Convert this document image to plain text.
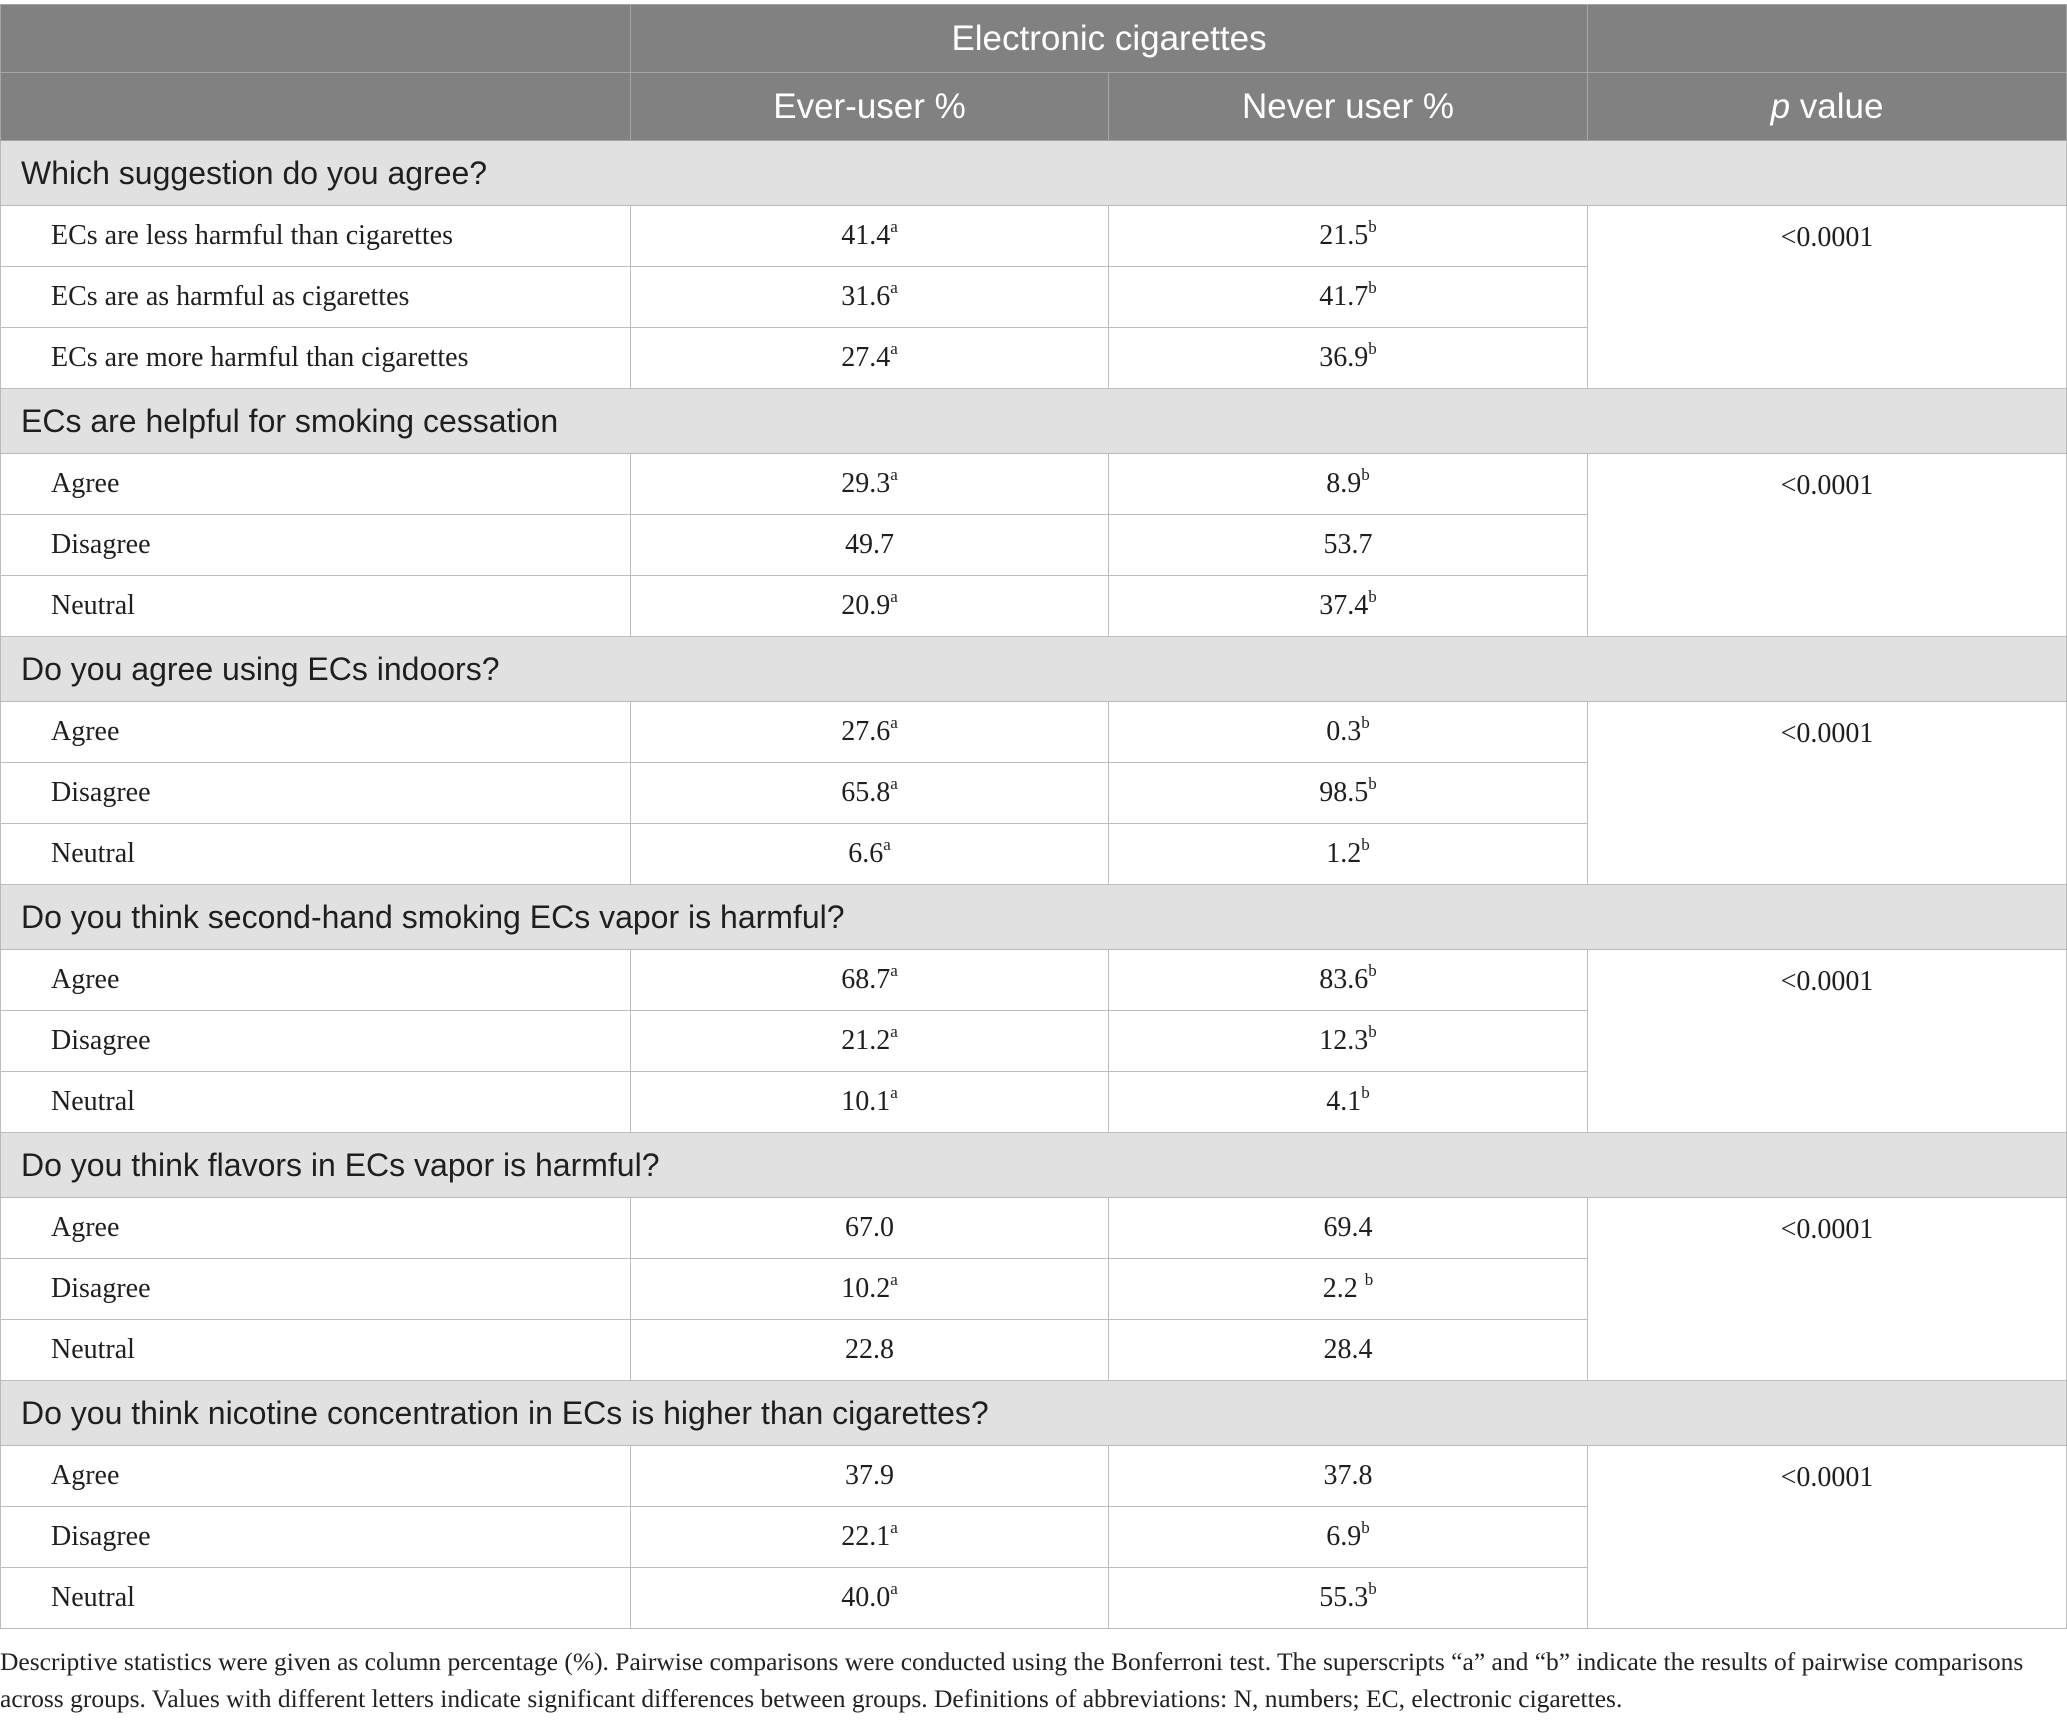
	Electronic cigarettes		
	Ever-user %	Never user %	p value
Which suggestion do you agree?			
ECs are less harmful than cigarettes	41.4$^a$	21.5$^b$	<0.0001
ECs are as harmful as cigarettes	31.6$^a$	41.7$^b$
ECs are more harmful than cigarettes	27.4$^a$	36.9$^b$
ECs are helpful for smoking cessation			
Agree	29.3$^a$	8.9$^b$	<0.0001
Disagree	49.7	53.7	
Neutral	20.9$^a$	37.4$^b$
Do you agree using ECs indoors?			
Agree	27.6$^a$	0.3$^b$	<0.0001
Disagree	65.8$^a$	98.5$^b$
Neutral	6.6$^a$	1.2$^b$
Do you think second-hand smoking ECs vapor is harmful?			
Agree	68.7$^a$	83.6$^b$	<0.0001
Disagree	21.2$^a$	12.3$^b$
Neutral	10.1$^a$	4.1$^b$
Do you think flavors in ECs vapor is harmful?			
Agree	67.0	69.4	<0.0001
Disagree	10.2$^a$	2.2 $^b$
Neutral	22.8	28.4	
Do you think nicotine concentration in ECs is higher than cigarettes?			
Agree	37.9	37.8	<0.0001
Disagree	22.1$^a$	6.9$^b$
Neutral	40.0$^a$	55.3$^b$
Descriptive statistics were given as column percentage (%). Pairwise comparisons were conducted using the Bonferroni test. The superscripts “a” and “b” indicate the results of pairwise comparisons across groups. Values with different letters indicate significant differences between groups. Definitions of abbreviations: N, numbers; EC, electronic cigarettes.
